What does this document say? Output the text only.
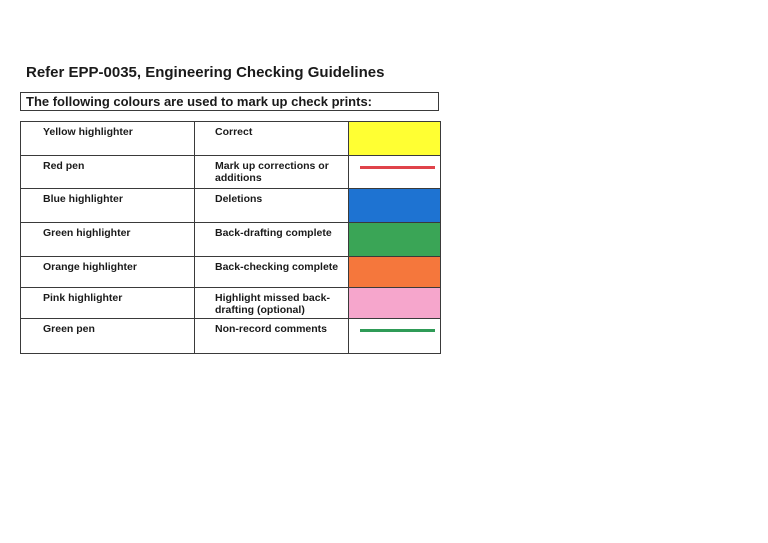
Refer EPP-0035, Engineering Checking Guidelines
The following colours are used to mark up check prints:
Yellow highlighter	Correct	
Red pen	Mark up corrections or additions	

Blue highlighter	Deletions	
Green highlighter	Back-drafting complete	
Orange highlighter	Back-checking complete	
Pink highlighter	Highlight missed back-drafting (optional)	
Green pen	Non-record comments	
